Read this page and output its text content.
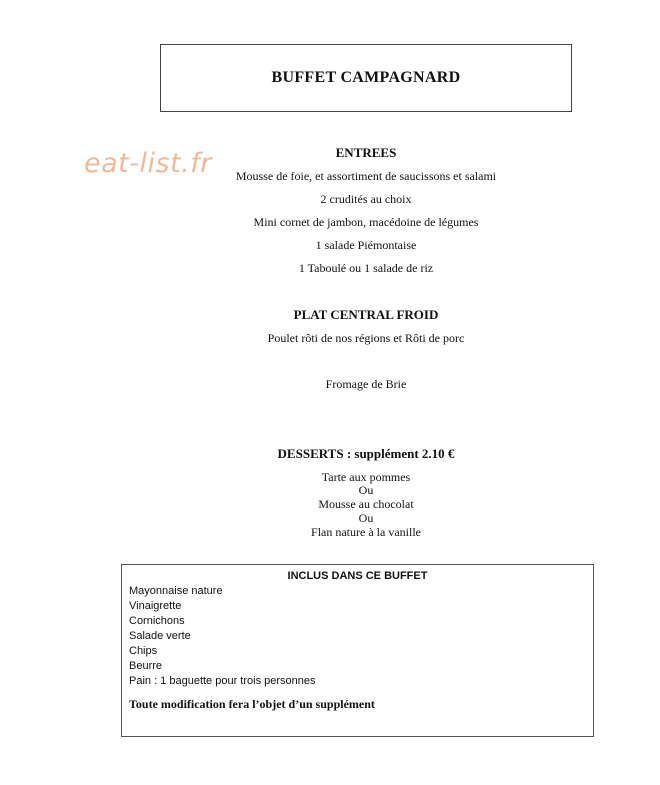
BUFFET CAMPAGNARD
eat-list.fr	ENTREES
Mousse de foie, et assortiment de saucissons et salami
2 crudités au choix
Mini cornet de jambon, macédoine de légumes
1 salade Piémontaise
1 Taboulé ou 1 salade de riz
PLAT CENTRAL FROID
Poulet rôti de nos régions et Rôti de porc
Fromage de Brie
DESSERTS : supplément 2.10 €
Tarte aux pommes
Ou
Mousse au chocolat
Ou
Flan nature à la vanille
INCLUS DANS CE BUFFET
Mayonnaise nature
Vinaigrette
Cornichons
Salade verte
Chips
Beurre
Pain : 1 baguette pour trois personnes
Toute modification fera l’objet d’un supplément
